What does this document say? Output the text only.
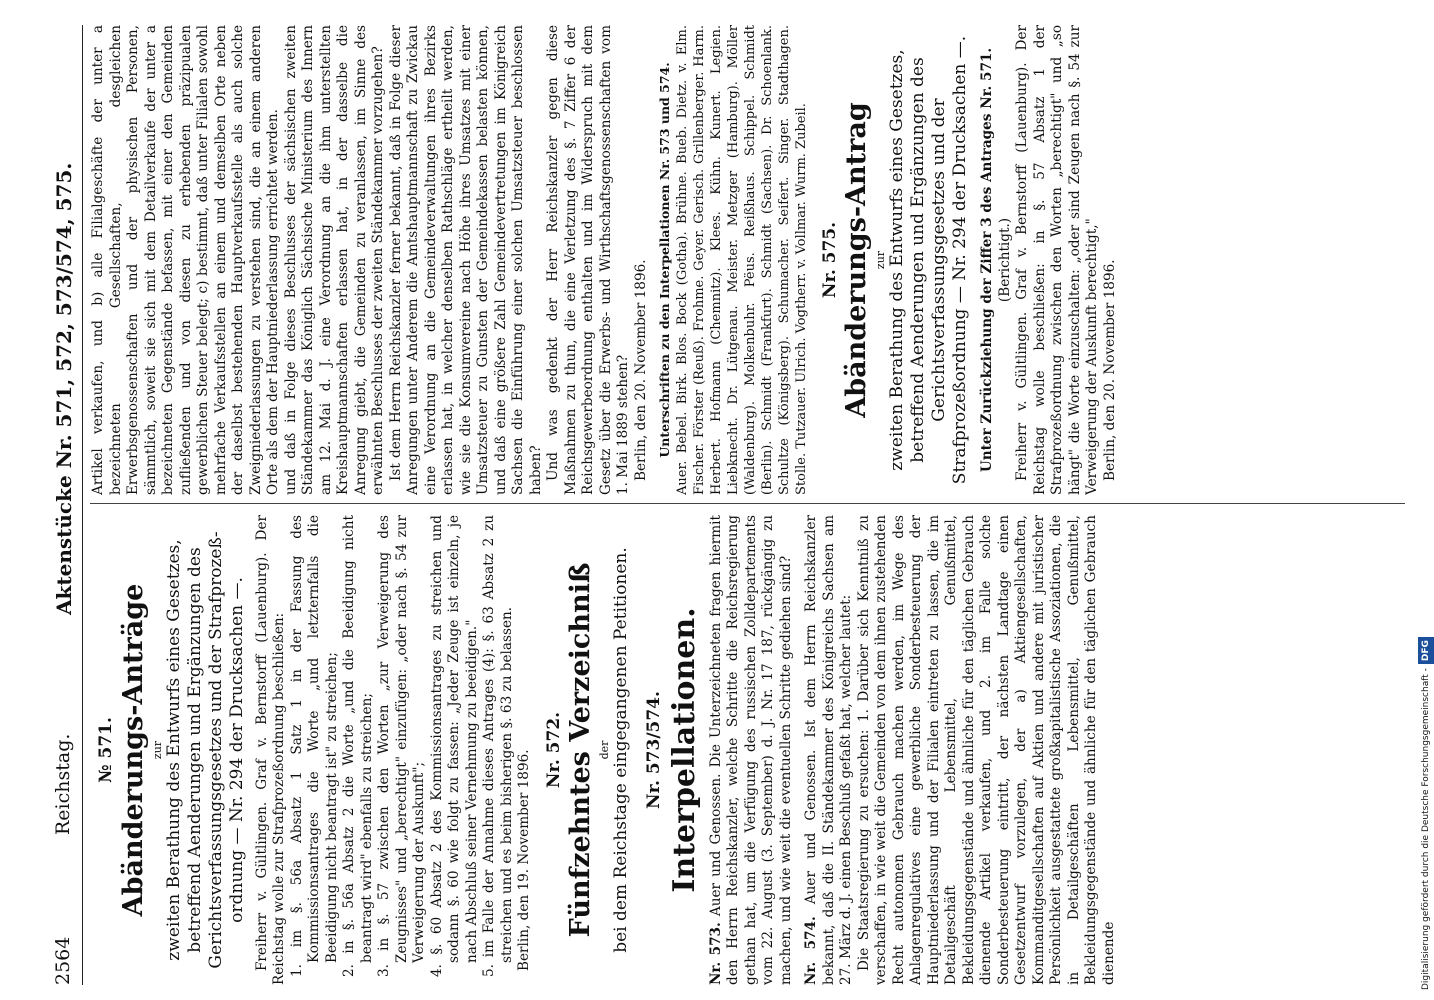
2564
Reichstag.
Aktenstücke Nr. 571, 572, 573/574, 575.
№ 571. Abänderungs-Anträge zur zweiten Berathung des Entwurfs eines Gesetzes, betreffend Aenderungen und Ergänzungen des Gerichtsverfassungsgesetzes und der Strafprozeß-ordnung — Nr. 294 der Drucksachen —. Freiherr v. Gültlingen. Graf v. Bernstorff (Lauenburg). Der Reichstag wolle zur Strafprozeßordnung beschließen: 1. im §. 56a Absatz 1 Satz 1 in der Fassung des Kommissionsantrages die Worte „und letzternfalls die Beeidigung nicht beantragt ist" zu streichen; 2. in §. 56a Absatz 2 die Worte „und die Beeidigung nicht beantragt wird" ebenfalls zu streichen; 3. in §. 57 zwischen den Worten „zur Verweigerung des Zeugnisses" und „berechtigt" einzufügen: „oder nach §. 54 zur Verweigerung der Auskunft"; 4. §. 60 Absatz 2 des Kommissionsantrages zu streichen und sodann §. 60 wie folgt zu fassen: „Jeder Zeuge ist einzeln, je nach Abschluß seiner Vernehmung zu beeidigen." 5. im Falle der Annahme dieses Antrages (4): §. 63 Absatz 2 zu streichen und es beim bisherigen §. 63 zu belassen. Berlin, den 19. November 1896. Nr. 572. Fünfzehntes Verzeichniß der bei dem Reichstage eingegangenen Petitionen. Nr. 573/574. Interpellationen.

Nr. 573. Auer und Genossen. Die Unterzeichneten fragen hiermit den Herrn Reichskanzler, welche Schritte die Reichsregierung gethan hat, um die Verfügung des russischen Zolldepartements vom 22. August (3. September) d. J. Nr. 17 187, rückgängig zu machen, und wie weit die eventuellen Schritte gediehen sind? Nr. 574. Auer und Genossen. Ist dem Herrn Reichskanzler bekannt, daß die II. Ständekammer des Königreichs Sachsen am 27. März d. J. einen Beschluß gefaßt hat, welcher lautet: Die Staatsregierung zu ersuchen: 1. Darüber sich Kenntniß zu verschaffen, in wie weit die Gemeinden von dem ihnen zustehenden Recht autonomen Gebrauch machen werden, im Wege des Anlagenregulatives eine gewerbliche Sonderbesteuerung der Hauptniederlassung und der Filialen eintreten zu lassen, die im Detailgeschäft Lebensmittel, Genußmittel, Bekleidungsgegenstände und ähnliche für den täglichen Gebrauch dienende Artikel verkaufen, und 2. im Falle solche Sonderbesteuerung eintritt, der nächsten Landtage einen Gesetzentwurf vorzulegen, der a) Aktiengesellschaften, Kommanditgesellschaften auf Aktien und andere mit juristischer Persönlichkeit ausgestattete großkapitalistische Assoziationen, die in Detailgeschäften Lebensmittel, Genußmittel, Bekleidungsgegenstände und ähnliche für den täglichen Gebrauch dienende

Artikel verkaufen, und b) alle Filialgeschäfte der unter a bezeichneten Gesellschaften, desgleichen Erwerbsgenossenschaften und der physischen Personen, sämmtlich, soweit sie sich mit dem Detailverkaufe der unter a bezeichneten Gegenstände befassen, mit einer den Gemeinden zufließenden und von diesen zu erhebenden präzipualen gewerblichen Steuer belegt; c) bestimmt, daß unter Filialen sowohl mehrfache Verkaufsstellen an einem und demselben Orte neben der daselbst bestehenden Hauptverkaufsstelle als auch solche Zweigniederlassungen zu verstehen sind, die an einem anderen Orte als dem der Hauptniederlassung errichtet werden. und daß in Folge dieses Beschlusses der sächsischen zweiten Ständekammer das Königlich Sächsische Ministerium des Innern am 12. Mai d. J. eine Verordnung an die ihm unterstellten Kreishauptmannschaften erlassen hat, in der dasselbe die Anregung giebt, die Gemeinden zu veranlassen, im Sinne des erwähnten Beschlusses der zweiten Ständekammer vorzugehen? Ist dem Herrn Reichskanzler ferner bekannt, daß in Folge dieser Anregungen unter Anderem die Amtshauptmannschaft zu Zwickau eine Verordnung an die Gemeindeverwaltungen ihres Bezirks erlassen hat, in welcher denselben Rathschläge ertheilt werden, wie sie die Konsumvereine nach Höhe ihres Umsatzes mit einer Umsatzsteuer zu Gunsten der Gemeindekassen belasten können, und daß eine größere Zahl Gemeindevertretungen im Königreich Sachsen die Einführung einer solchen Umsatzsteuer beschlossen haben? Und was gedenkt der Herr Reichskanzler gegen diese Maßnahmen zu thun, die eine Verletzung des §. 7 Ziffer 6 der Reichsgewerbeordnung enthalten und im Widerspruch mit dem Gesetz über die Erwerbs- und Wirthschaftsgenossenschaften vom 1. Mai 1889 stehen? Berlin, den 20. November 1896. Unterschriften zu den Interpellationen Nr. 573 und 574. Auer. Bebel. Birk. Blos. Bock (Gotha). Brühne. Bueb. Dietz. v. Elm. Fischer. Förster (Reuß). Frohme. Geyer. Gerisch. Grillenberger. Harm. Herbert. Hofmann (Chemnitz). Klees. Kühn. Kunert. Legien. Liebknecht. Dr. Lütgenau. Meister. Metzger (Hamburg). Möller (Waldenburg). Molkenbuhr. Pëus. Reißhaus. Schippel. Schmidt (Berlin). Schmidt (Frankfurt). Schmidt (Sachsen). Dr. Schoenlank. Schultze (Königsberg). Schumacher. Seifert. Singer. Stadthagen. Stolle. Tutzauer. Ulrich. Vogtherr. v. Vollmar. Wurm. Zubeil. Nr. 575. Abänderungs-Antrag zur zweiten Berathung des Entwurfs eines Gesetzes, betreffend Aenderungen und Ergänzungen des Gerichtsverfassungsgesetzes und der Strafprozeßordnung — Nr. 294 der Drucksachen —. Unter Zurückziehung der Ziffer 3 des Antrages Nr. 571. (Berichtigt.) Freiherr v. Gültlingen. Graf v. Bernstorff (Lauenburg). Der Reichstag wolle beschließen: in §. 57 Absatz 1 der Strafprozeßordnung zwischen den Worten „berechtigt" und „so hängt" die Worte einzuschalten: „oder sind Zeugen nach §. 54 zur Verweigerung der Auskunft berechtigt," Berlin, den 20. November 1896.

Digitalisierung gefördert durch die Deutsche Forschungsgemeinschaft -DFG
